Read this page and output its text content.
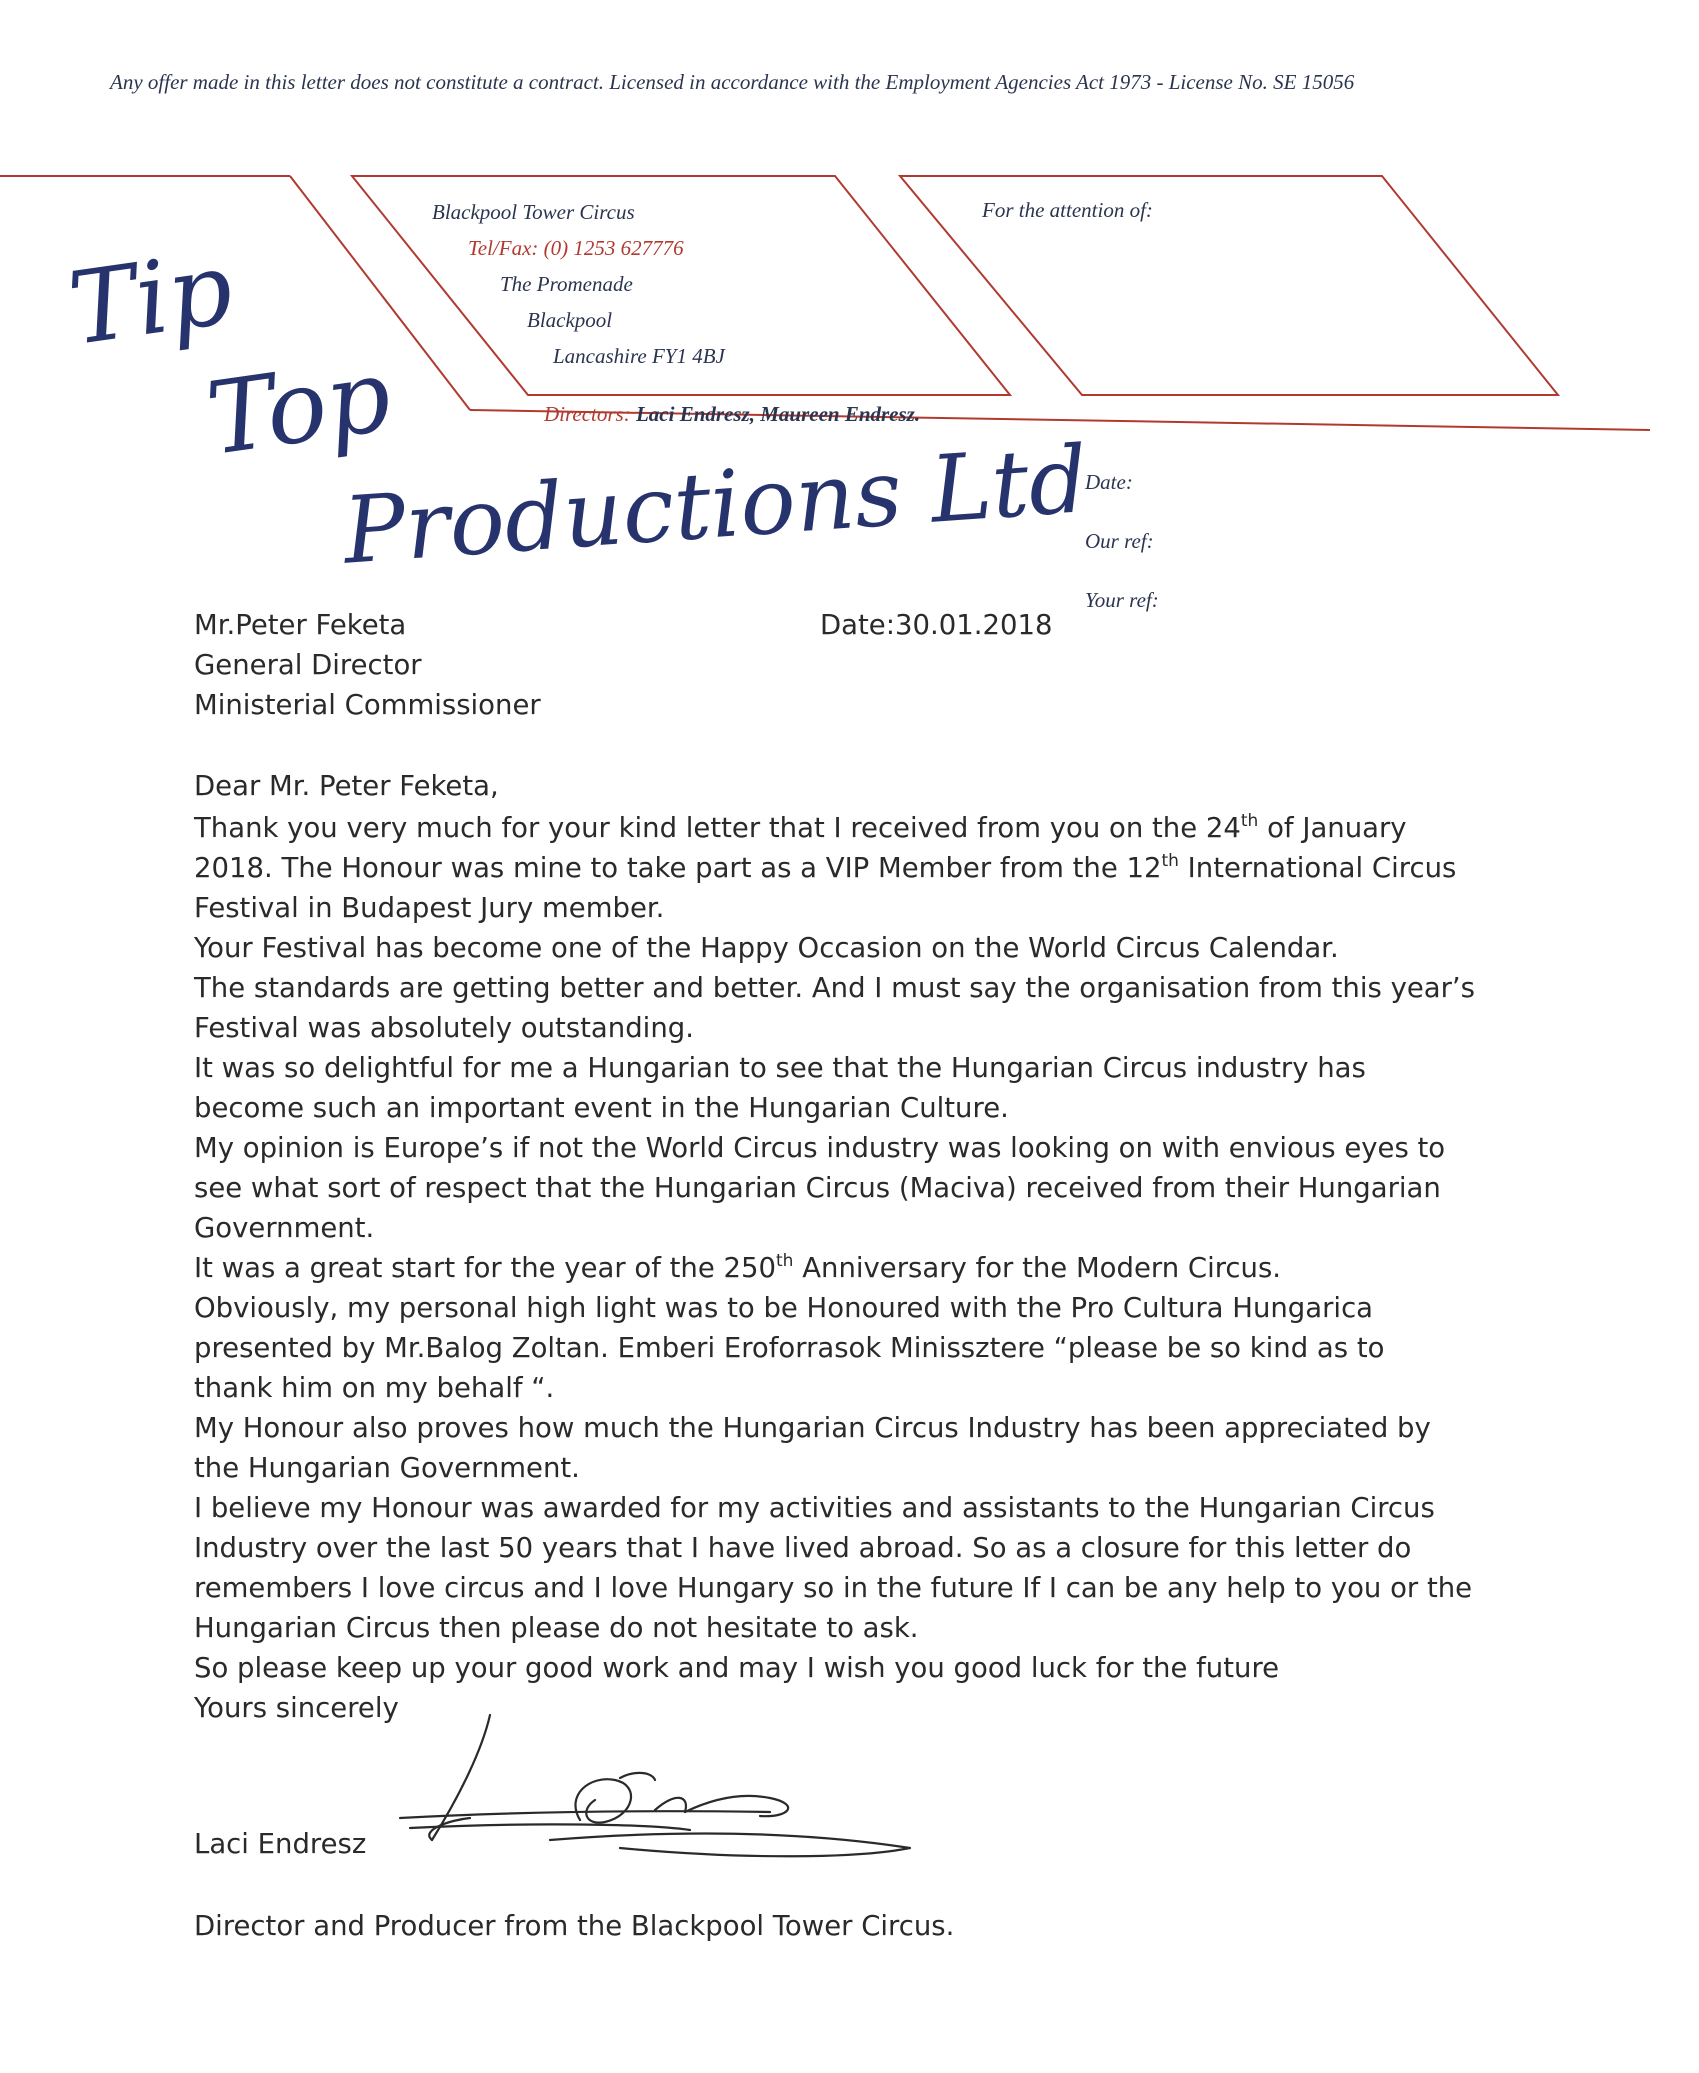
Any offer made in this letter does not constitute a contract. Licensed in accordance with the Employment Agencies Act 1973 - License No. SE 15056
Tip
Top
Productions Ltd
Blackpool Tower Circus
Tel/Fax: (0) 1253 627776
The Promenade
Blackpool
Lancashire FY1 4BJ
Directors: Laci Endresz, Maureen Endresz.
For the attention of:
Date:
Our ref:
Your ref:
Mr.Peter Feketa
General Director
Ministerial Commissioner
Date:30.01.2018
Dear Mr. Peter Feketa,
Thank you very much for your kind letter that I received from you on the 24th of January
2018. The Honour was mine to take part as a VIP Member from the 12th International Circus
Festival in Budapest Jury member.
Your Festival has become one of the Happy Occasion on the World Circus Calendar.
The standards are getting better and better. And I must say the organisation from this year’s
Festival was absolutely outstanding.
It was so delightful for me a Hungarian to see that the Hungarian Circus industry has
become such an important event in the Hungarian Culture.
My opinion is Europe’s if not the World Circus industry was looking on with envious eyes to
see what sort of respect that the Hungarian Circus (Maciva) received from their Hungarian
Government.
It was a great start for the year of the 250th Anniversary for the Modern Circus.
Obviously, my personal high light was to be Honoured with the Pro Cultura Hungarica
presented by Mr.Balog Zoltan. Emberi Eroforrasok Minissztere “please be so kind as to
thank him on my behalf “.
My Honour also proves how much the Hungarian Circus Industry has been appreciated by
the Hungarian Government.
I believe my Honour was awarded for my activities and assistants to the Hungarian Circus
Industry over the last 50 years that I have lived abroad. So as a closure for this letter do
remembers I love circus and I love Hungary so in the future If I can be any help to you or the
Hungarian Circus then please do not hesitate to ask.
So please keep up your good work and may I wish you good luck for the future
Yours sincerely
Laci Endresz
Director and Producer from the Blackpool Tower Circus.
